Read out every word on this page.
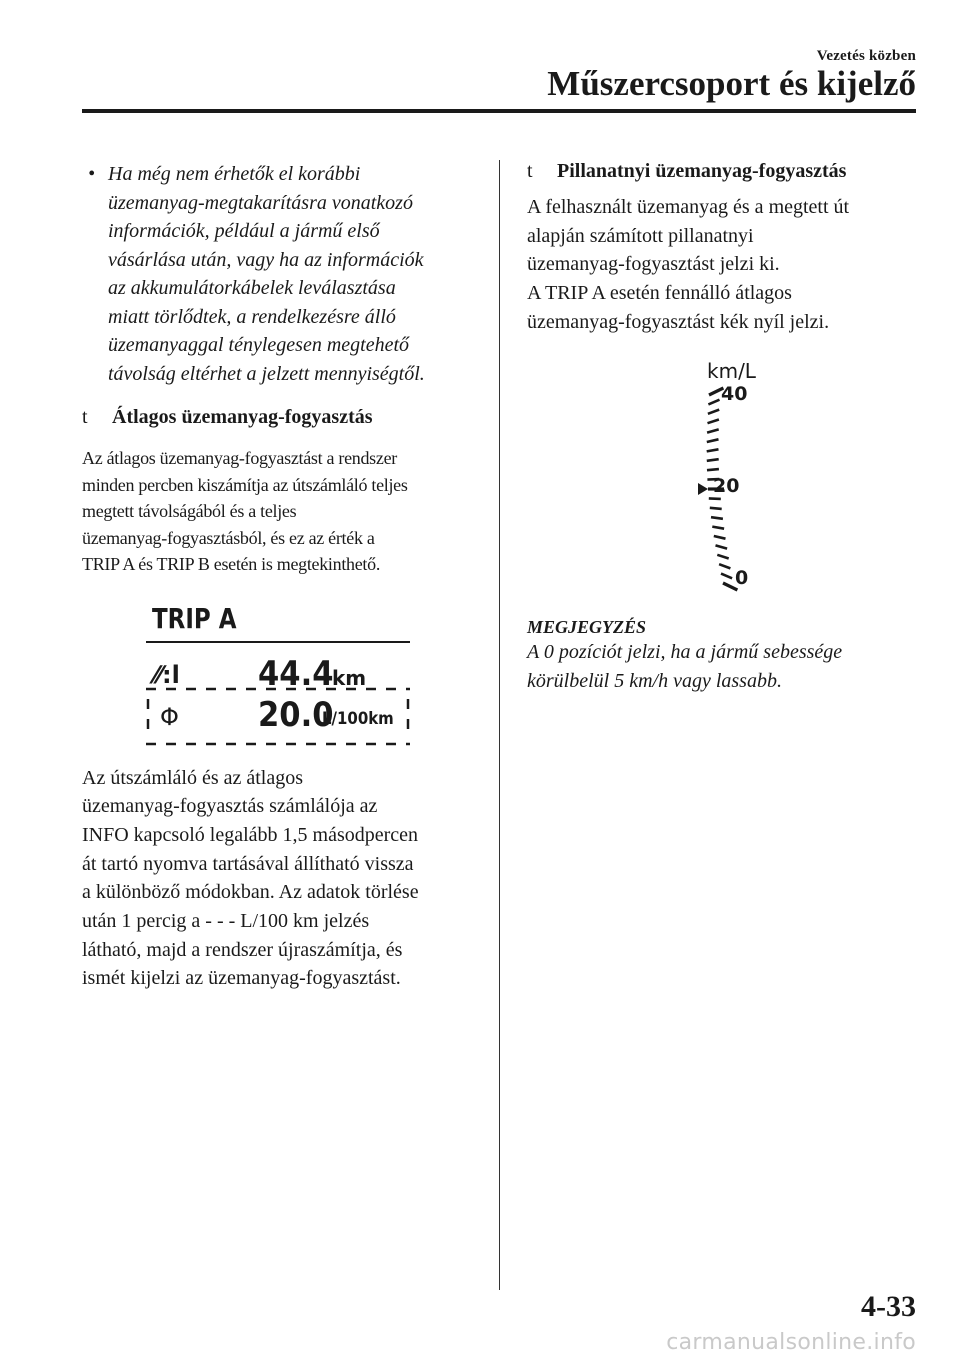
Vezetés közben
Műszercsoport és kijelző
• Ha még nem érhetők el korábbi
üzemanyag-megtakarításra vonatkozó
információk, például a jármű első
vásárlása után, vagy ha az információk
az akkumulátorkábelek leválasztása
miatt törlődtek, a rendelkezésre álló
üzemanyaggal ténylegesen megtehető
távolság eltérhet a jelzett mennyiségtől.
t	Átlagos üzemanyag-fogyasztás
Az átlagos üzemanyag-fogyasztást a rendszer
minden percben kiszámítja az útszámláló teljes
megtett távolságából és a teljes
üzemanyag-fogyasztásból, és ez az érték a
TRIP A és TRIP B esetén is megtekinthető.
TRIP A
⁄⁄:l 44.4
km
Φ 20.0
L/100km
Az útszámláló és az átlagos
üzemanyag-fogyasztás számlálója az
INFO kapcsoló legalább 1,5 másodpercen
át tartó nyomva tartásával állítható vissza
a különböző módokban. Az adatok törlése
után 1 percig a - - - L/100 km jelzés
látható, majd a rendszer újraszámítja, és
ismét kijelzi az üzemanyag-fogyasztást.
t	Pillanatnyi üzemanyag-fogyasztás
A felhasznált üzemanyag és a megtett út
alapján számított pillanatnyi
üzemanyag-fogyasztást jelzi ki.
A TRIP A esetén fennálló átlagos
üzemanyag-fogyasztást kék nyíl jelzi.
km/L
40
20
0
MEGJEGYZÉS
A 0 pozíciót jelzi, ha a jármű sebessége
körülbelül 5 km/h vagy lassabb.
4-33
carmanualsonline.info
